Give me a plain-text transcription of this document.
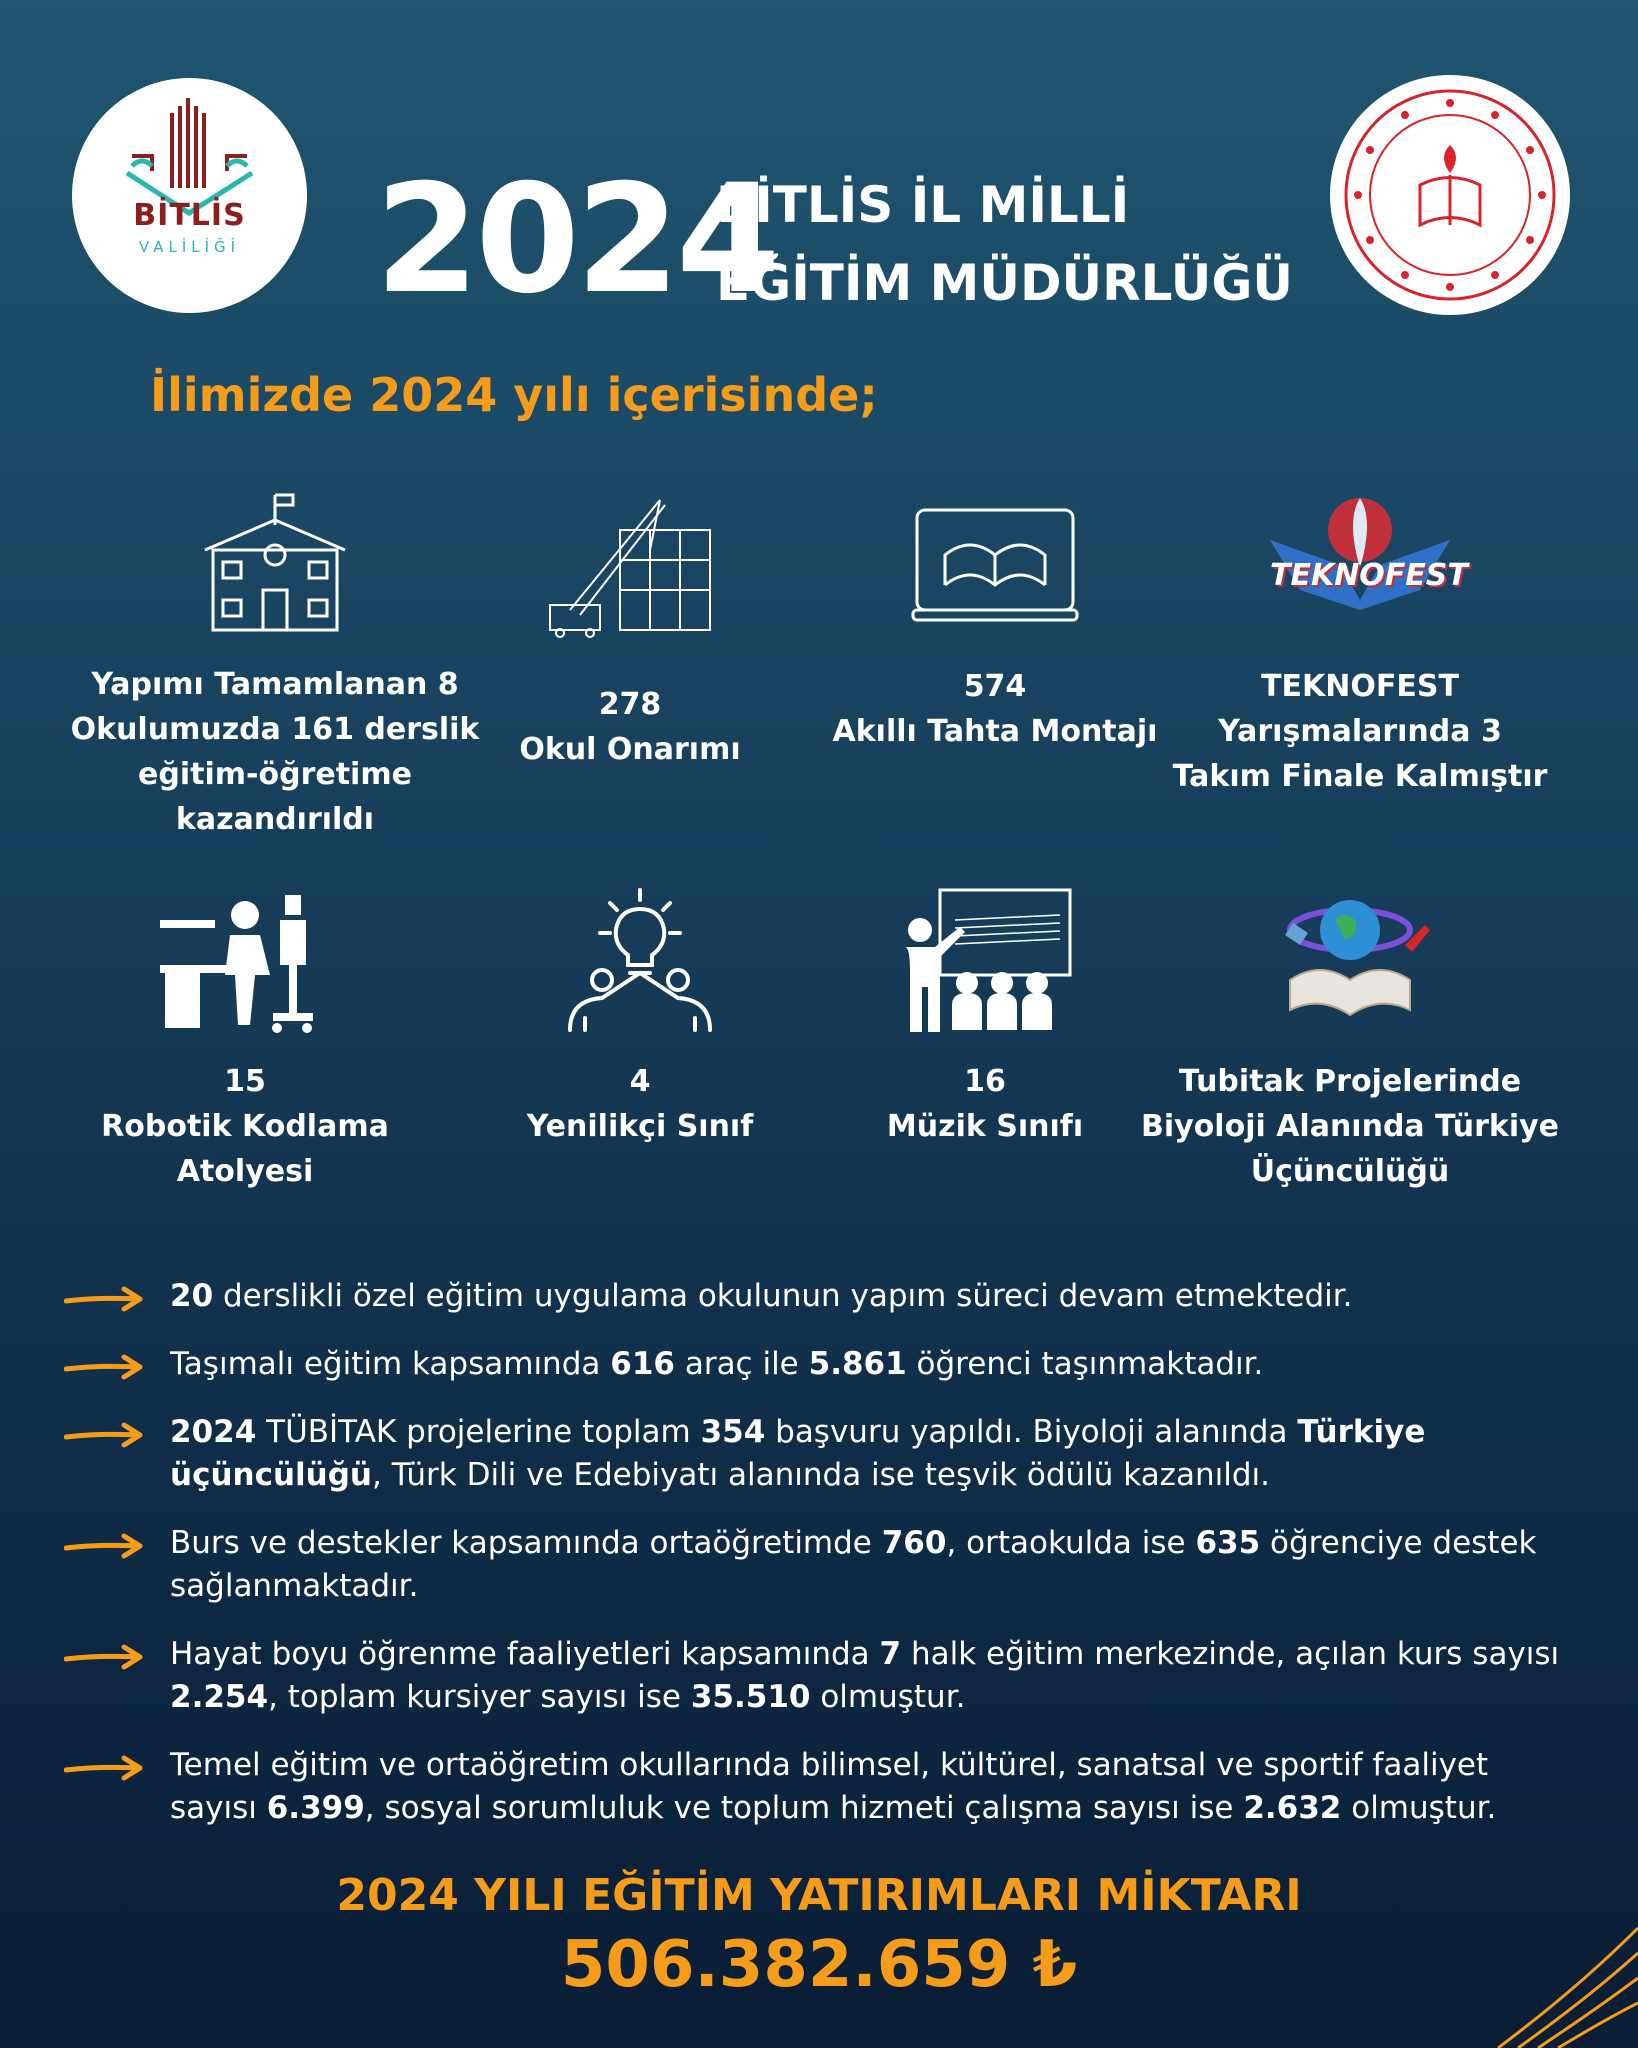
BİTLİS
VALİLİĞİ 2024
BİTLİS İL MİLLİ
EĞİTİM MÜDÜRLÜĞÜ
İlimizde 2024 yılı içerisinde;
Yapımı Tamamlanan 8
Okulumuzda 161 derslik
eğitim-öğretime kazandırıldı
278
Okul Onarımı
574
Akıllı Tahta Montajı
TEKNOFEST
TEKNOFEST
Yarışmalarında 3
Takım Finale Kalmıştır
15
Robotik Kodlama
Atolyesi
4
Yenilikçi Sınıf
16
Müzik Sınıfı
Tubitak Projelerinde
Biyoloji Alanında Türkiye
Üçüncülüğü
20 derslikli özel eğitim uygulama okulunun yapım süreci devam etmektedir.
Taşımalı eğitim kapsamında 616 araç ile 5.861 öğrenci taşınmaktadır.
2024 TÜBİTAK projelerine toplam 354 başvuru yapıldı. Biyoloji alanında Türkiye üçüncülüğü, Türk Dili ve Edebiyatı alanında ise teşvik ödülü kazanıldı.
Burs ve destekler kapsamında ortaöğretimde 760, ortaokulda ise 635 öğrenciye destek sağlanmaktadır.
Hayat boyu öğrenme faaliyetleri kapsamında 7 halk eğitim merkezinde, açılan kurs sayısı 2.254, toplam kursiyer sayısı ise 35.510 olmuştur.
Temel eğitim ve ortaöğretim okullarında bilimsel, kültürel, sanatsal ve sportif faaliyet sayısı 6.399, sosyal sorumluluk ve toplum hizmeti çalışma sayısı ise 2.632 olmuştur.
2024 YILI EĞİTİM YATIRIMLARI MİKTARI
506.382.659 ₺
